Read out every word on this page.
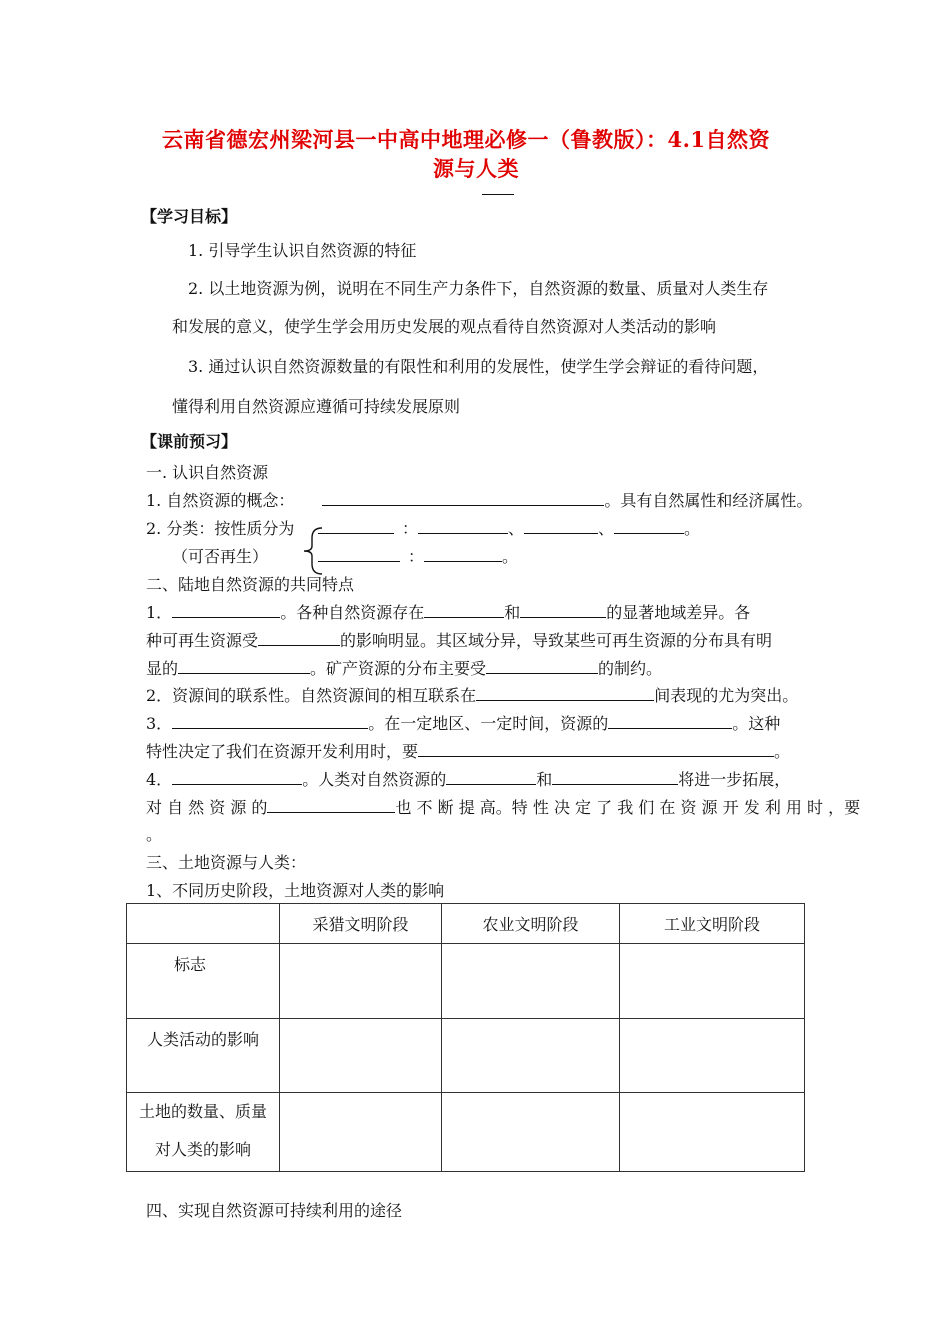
云南省德宏州梁河县一中高中地理必修一（鲁教版）：4.1自然资
源与人类
【学习目标】
1. 引导学生认识自然资源的特征
2. 以土地资源为例，说明在不同生产力条件下，自然资源的数量、质量对人类生存
和发展的意义，使学生学会用历史发展的观点看待自然资源对人类活动的影响
3. 通过认识自然资源数量的有限性和利用的发展性，使学生学会辩证的看待问题，
懂得利用自然资源应遵循可持续发展原则
【课前预习】
一. 认识自然资源
1. 自然资源的概念：	。具有自然属性和经济属性。
2. 分类：按性质分为
（可否再生）
：	、	、	。
：	。
二、陆地自然资源的共同特点
1．	。各种自然资源存在	和	的显著地域差异。各
种可再生资源受	的影响明显。其区域分异，导致某些可再生资源的分布具有明
显的	。矿产资源的分布主要受	的制约。
2．资源间的联系性。自然资源间的相互联系在	间表现的尤为突出。
3．	。在一定地区、一定时间，资源的	。这种
特性决定了我们在资源开发利用时，要	。
4．	。人类对自然资源的	和	将进一步拓展，
对 自 然 资 源 的	也 不 断 提 高。特 性 决 定 了 我 们 在 资 源 开 发 利 用 时 ，要
。
三、土地资源与人类：
1、不同历史阶段，土地资源对人类的影响
	采猎文明阶段	农业文明阶段	工业文明阶段
标志			
人类活动的影响			

土地的数量、质量
对人类的影响			

四、实现自然资源可持续利用的途径
